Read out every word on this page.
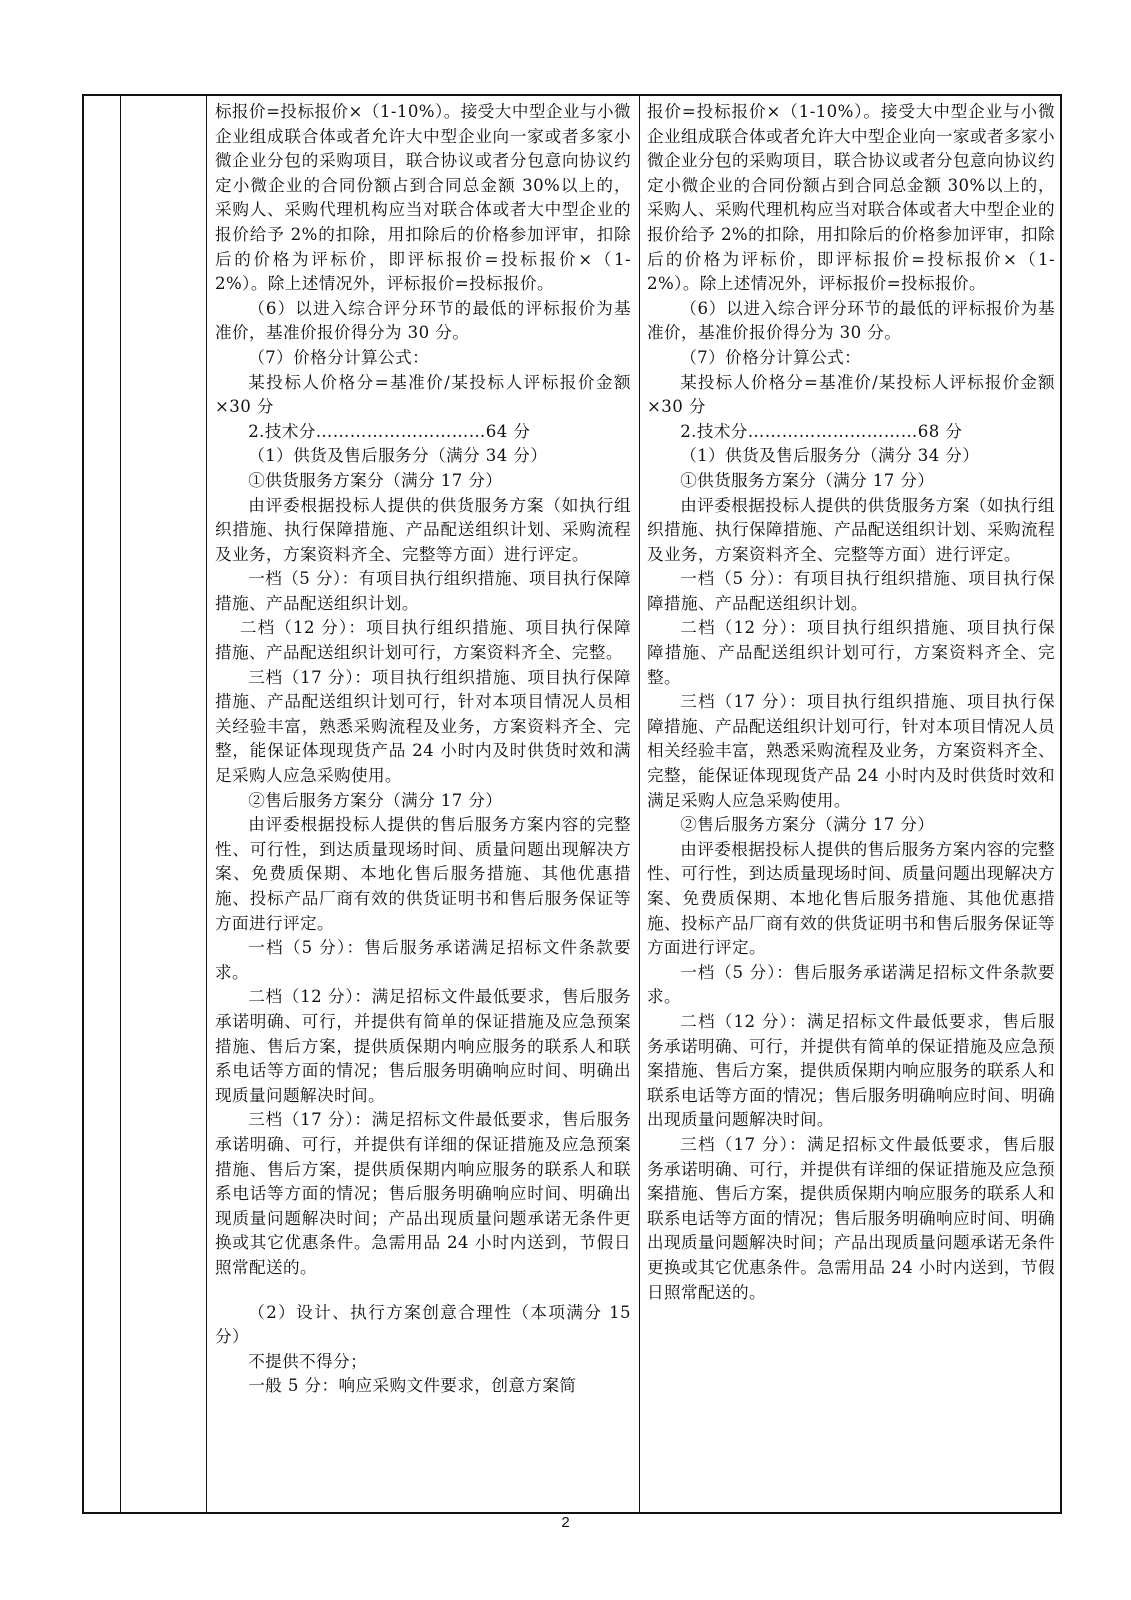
标报价=投标报价×（1-10%）。接受大中型企业与小微企业组成联合体或者允许大中型企业向一家或者多家小微企业分包的采购项目，联合协议或者分包意向协议约定小微企业的合同份额占到合同总金额 30%以上的，采购人、采购代理机构应当对联合体或者大中型企业的报价给予 2%的扣除，用扣除后的价格参加评审，扣除后的价格为评标价，即评标报价=投标报价×（1-2%）。除上述情况外，评标报价=投标报价。

（6）以进入综合评分环节的最低的评标报价为基准价，基准价报价得分为 30 分。

（7）价格分计算公式：

某投标人价格分=基准价/某投标人评标报价金额×30 分

2.技术分…………………………64 分

（1）供货及售后服务分（满分 34 分）

①供货服务方案分（满分 17 分）

由评委根据投标人提供的供货服务方案（如执行组织措施、执行保障措施、产品配送组织计划、采购流程及业务，方案资料齐全、完整等方面）进行评定。

一档（5 分）：有项目执行组织措施、项目执行保障措施、产品配送组织计划。

二档（12 分）：项目执行组织措施、项目执行保障措施、产品配送组织计划可行，方案资料齐全、完整。

三档（17 分）：项目执行组织措施、项目执行保障措施、产品配送组织计划可行，针对本项目情况人员相关经验丰富，熟悉采购流程及业务，方案资料齐全、完整，能保证体现现货产品 24 小时内及时供货时效和满足采购人应急采购使用。

②售后服务方案分（满分 17 分）

由评委根据投标人提供的售后服务方案内容的完整性、可行性，到达质量现场时间、质量问题出现解决方案、免费质保期、本地化售后服务措施、其他优惠措施、投标产品厂商有效的供货证明书和售后服务保证等方面进行评定。

一档（5 分）：售后服务承诺满足招标文件条款要求。

二档（12 分）：满足招标文件最低要求，售后服务承诺明确、可行，并提供有简单的保证措施及应急预案措施、售后方案，提供质保期内响应服务的联系人和联系电话等方面的情况；售后服务明确响应时间、明确出现质量问题解决时间。

三档（17 分）：满足招标文件最低要求，售后服务承诺明确、可行，并提供有详细的保证措施及应急预案措施、售后方案，提供质保期内响应服务的联系人和联系电话等方面的情况；售后服务明确响应时间、明确出现质量问题解决时间；产品出现质量问题承诺无条件更换或其它优惠条件。急需用品 24 小时内送到，节假日照常配送的。

（2）设计、执行方案创意合理性（本项满分 15 分）

不提供不得分；

一般 5 分：响应采购文件要求，创意方案简

报价=投标报价×（1-10%）。接受大中型企业与小微企业组成联合体或者允许大中型企业向一家或者多家小微企业分包的采购项目，联合协议或者分包意向协议约定小微企业的合同份额占到合同总金额 30%以上的，采购人、采购代理机构应当对联合体或者大中型企业的报价给予 2%的扣除，用扣除后的价格参加评审，扣除后的价格为评标价，即评标报价=投标报价×（1-2%）。除上述情况外，评标报价=投标报价。

（6）以进入综合评分环节的最低的评标报价为基准价，基准价报价得分为 30 分。

（7）价格分计算公式：

某投标人价格分=基准价/某投标人评标报价金额×30 分

2.技术分…………………………68 分

（1）供货及售后服务分（满分 34 分）

①供货服务方案分（满分 17 分）

由评委根据投标人提供的供货服务方案（如执行组织措施、执行保障措施、产品配送组织计划、采购流程及业务，方案资料齐全、完整等方面）进行评定。

一档（5 分）：有项目执行组织措施、项目执行保障措施、产品配送组织计划。

二档（12 分）：项目执行组织措施、项目执行保障措施、产品配送组织计划可行，方案资料齐全、完整。

三档（17 分）：项目执行组织措施、项目执行保障措施、产品配送组织计划可行，针对本项目情况人员相关经验丰富，熟悉采购流程及业务，方案资料齐全、完整，能保证体现现货产品 24 小时内及时供货时效和满足采购人应急采购使用。

②售后服务方案分（满分 17 分）

由评委根据投标人提供的售后服务方案内容的完整性、可行性，到达质量现场时间、质量问题出现解决方案、免费质保期、本地化售后服务措施、其他优惠措施、投标产品厂商有效的供货证明书和售后服务保证等方面进行评定。

一档（5 分）：售后服务承诺满足招标文件条款要求。

二档（12 分）：满足招标文件最低要求，售后服务承诺明确、可行，并提供有简单的保证措施及应急预案措施、售后方案，提供质保期内响应服务的联系人和联系电话等方面的情况；售后服务明确响应时间、明确出现质量问题解决时间。

三档（17 分）：满足招标文件最低要求，售后服务承诺明确、可行，并提供有详细的保证措施及应急预案措施、售后方案，提供质保期内响应服务的联系人和联系电话等方面的情况；售后服务明确响应时间、明确出现质量问题解决时间；产品出现质量问题承诺无条件更换或其它优惠条件。急需用品 24 小时内送到，节假日照常配送的。

2
